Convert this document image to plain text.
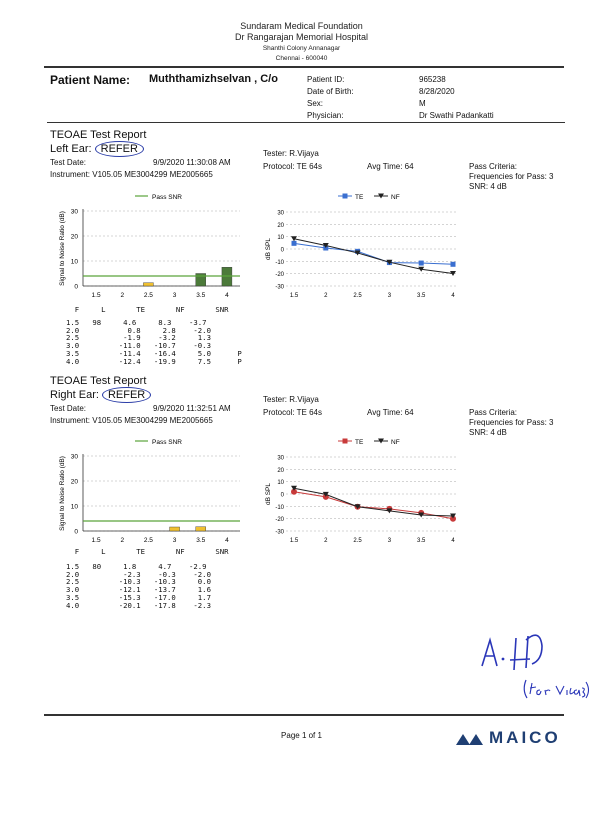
Sundaram Medical Foundation
Dr Rangarajan Memorial Hospital
Shanthi Colony Annanagar
Chennai - 600040
Patient Name: Muththamizhselvan , C/o	Patient ID:	965238
Date of Birth:	8/28/2020
Sex:	M
Physician:	Dr Swathi Padankatti
TEOAE Test Report
Left Ear: REFER
Test Date:	9/9/2020 11:30:08 AM
Instrument: V105.05 ME3004299 ME2005665
Tester: R.Vijaya
Protocol: TE 64s	Avg Time: 64	Pass Criteria:
Frequencies for Pass: 3
SNR: 4 dB
Pass SNR
Signal to Noise Ratio (dB)
0
10
20
30
1.5	2	2.5	3	3.5	4
TE	NF
dB SPL
30
20
10
0
-10
-20
-30
1.5	2	2.5	3	3.5	4
F     L       TE       NF       SNR
1.5   98     4.6     8.3    -3.7
2.0           0.8     2.8    -2.0
2.5          -1.9    -3.2     1.3
3.0         -11.0   -10.7    -0.3
3.5         -11.4   -16.4     5.0      P
4.0         -12.4   -19.9     7.5      P
TEOAE Test Report
Right Ear: REFER
Test Date:	9/9/2020 11:32:51 AM
Instrument: V105.05 ME3004299 ME2005665
Tester: R.Vijaya
Protocol: TE 64s	Avg Time: 64	Pass Criteria:
Frequencies for Pass: 3
SNR: 4 dB
Pass SNR
Signal to Noise Ratio (dB)
0
10
20
30
1.5	2	2.5	3	3.5	4
TE	NF
dB SPL
30
20
10
0
-10
-20
-30
1.5	2	2.5	3	3.5	4
F     L       TE       NF       SNR
1.5   80     1.8     4.7    -2.9
2.0          -2.3    -0.3    -2.0
2.5         -10.3   -10.3     0.0
3.0         -12.1   -13.7     1.6
3.5         -15.3   -17.0     1.7
4.0         -20.1   -17.8    -2.3
Page 1 of 1	MAICO
